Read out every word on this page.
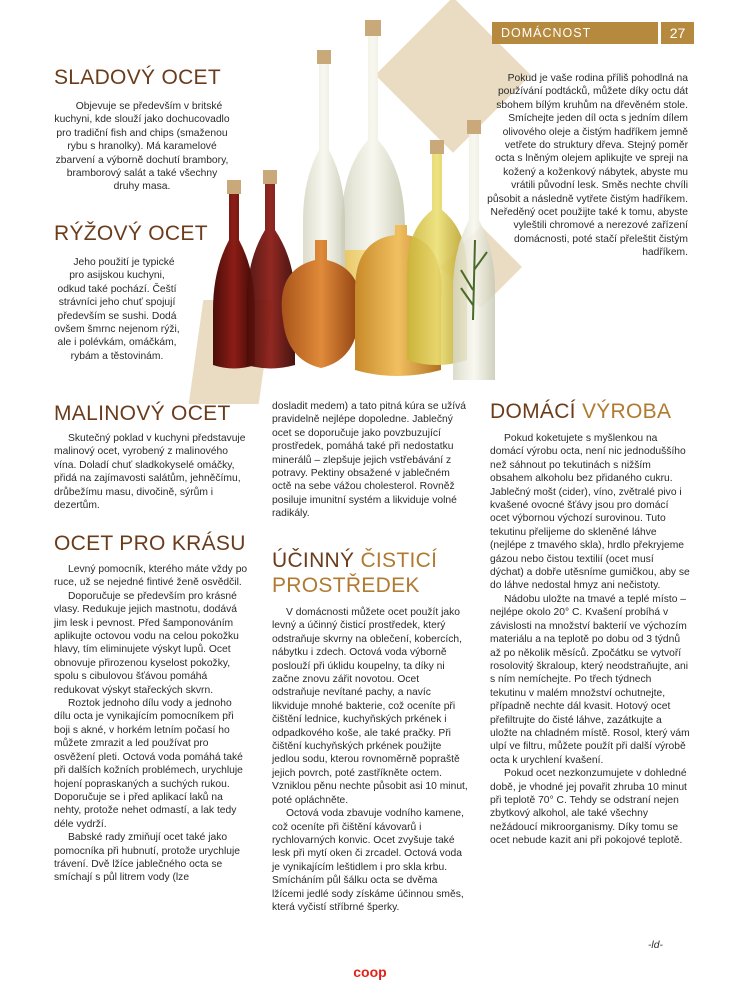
DOMÁCNOST	27
SLADOVÝ OCET

Objevuje se především v britské kuchyni, kde slouží jako dochucovadlo pro tradiční fish and chips (smaženou rybu s hranolky). Má karamelové zbarvení a výborně dochutí brambory, bramborový salát a také všechny druhy masa.

RÝŽOVÝ OCET

Jeho použití je typické pro asijskou kuchyni, odkud také pochází. Čeští strávníci jeho chuť spojují především se sushi. Dodá ovšem šmrnc nejenom rýži, ale i polévkám, omáčkám, rybám a těstovinám.

MALINOVÝ OCET

Skutečný poklad v kuchyni představuje malinový ocet, vyrobený z malinového vína. Doladí chuť sladkokyselé omáčky, přidá na zajímavosti salátům, jehněčímu, drůbežímu masu, divočině, sýrům i dezertům.

OCET PRO KRÁSU

Levný pomocník, kterého máte vždy po ruce, už se nejedné fintivé ženě osvědčil.

Doporučuje se především pro krásné vlasy. Redukuje jejich mastnotu, dodává jim lesk i pevnost. Před šamponováním aplikujte octovou vodu na celou pokožku hlavy, tím eliminujete výskyt lupů. Ocet obnovuje přirozenou kyselost pokožky, spolu s cibulovou šťávou pomáhá redukovat výskyt stařeckých skvrn.

Roztok jednoho dílu vody a jednoho dílu octa je vynikajícím pomocníkem při boji s akné, v horkém letním počasí ho můžete zmrazit a led používat pro osvěžení pleti. Octová voda pomáhá také při dalších kožních problémech, urychluje hojení popraskaných a suchých rukou. Doporučuje se i před aplikací laků na nehty, protože nehet odmastí, a lak tedy déle vydrží.

Babské rady zmiňují ocet také jako pomocníka při hubnutí, protože urychluje trávení. Dvě lžíce jablečného octa se smíchají s půl litrem vody (lze

dosladit medem) a tato pitná kúra se užívá pravidelně nejlépe dopoledne. Jablečný ocet se doporučuje jako povzbuzující prostředek, pomáhá také při nedostatku minerálů – zlepšuje jejich vstřebávání z potravy. Pektiny obsažené v jablečném octě na sebe vážou cholesterol. Rovněž posiluje imunitní systém a likviduje volné radikály.

ÚČINNÝ ČISTICÍ
PROSTŘEDEK

V domácnosti můžete ocet použít jako levný a účinný čisticí prostředek, který odstraňuje skvrny na oblečení, kobercích, nábytku i zdech. Octová voda výborně poslouží při úklidu koupelny, ta díky ni začne znovu zářit novotou. Ocet odstraňuje nevítané pachy, a navíc likviduje mnohé bakterie, což oceníte při čištění lednice, kuchyňských prkének i odpadkového koše, ale také pračky. Při čištění kuchyňských prkének použijte jedlou sodu, kterou rovnoměrně popraště jejich povrch, poté zastříkněte octem. Vzniklou pěnu nechte působit asi 10 minut, poté opláchněte.

Octová voda zbavuje vodního kamene, což oceníte při čištění kávovarů i rychlovarných konvic. Ocet zvyšuje také lesk při mytí oken či zrcadel. Octová voda je vynikajícím leštidlem i pro skla krbu. Smícháním půl šálku octa se dvěma lžícemi jedlé sody získáme účinnou směs, která vyčistí stříbrné šperky.

Pokud je vaše rodina příliš pohodlná na používání podtácků, můžete díky octu dát sbohem bílým kruhům na dřevěném stole. Smíchejte jeden díl octa s jedním dílem olivového oleje a čistým hadříkem jemně vetřete do struktury dřeva. Stejný poměr octa s lněným olejem aplikujte ve spreji na kožený a koženkový nábytek, abyste mu vrátili původní lesk. Směs nechte chvíli působit a následně vytřete čistým hadříkem. Neředěný ocet použijte také k tomu, abyste vyleštili chromové a nerezové zařízení domácnosti, poté stačí přeleštit čistým hadříkem.

DOMÁCÍ VÝROBA

Pokud koketujete s myšlenkou na domácí výrobu octa, není nic jednoduššího než sáhnout po tekutinách s nižším obsahem alkoholu bez přidaného cukru. Jablečný mošt (cider), víno, zvětralé pivo i kvašené ovocné šťávy jsou pro domácí ocet výbornou výchozí surovinou. Tuto tekutinu přelijeme do skleněné láhve (nejlépe z tmavého skla), hrdlo překryjeme gázou nebo čistou textilií (ocet musí dýchat) a dobře utěsníme gumičkou, aby se do láhve nedostal hmyz ani nečistoty.

Nádobu uložte na tmavé a teplé místo – nejlépe okolo 20° C. Kvašení probíhá v závislosti na množství bakterií ve výchozím materiálu a na teplotě po dobu od 3 týdnů až po několik měsíců. Zpočátku se vytvoří rosolovitý škraloup, který neodstraňujte, ani s ním nemíchejte. Po třech týdnech tekutinu v malém množství ochutnejte, případně nechte dál kvasit. Hotový ocet přefiltrujte do čisté láhve, zazátkujte a uložte na chladném místě. Rosol, který vám ulpí ve filtru, můžete použít při další výrobě octa k urychlení kvašení.

Pokud ocet nezkonzumujete v dohledné době, je vhodné jej povařit zhruba 10 minut při teplotě 70° C. Tehdy se odstraní nejen zbytkový alkohol, ale také všechny nežádoucí mikroorganismy. Díky tomu se ocet nebude kazit ani při pokojové teplotě.

-ld-
coop
